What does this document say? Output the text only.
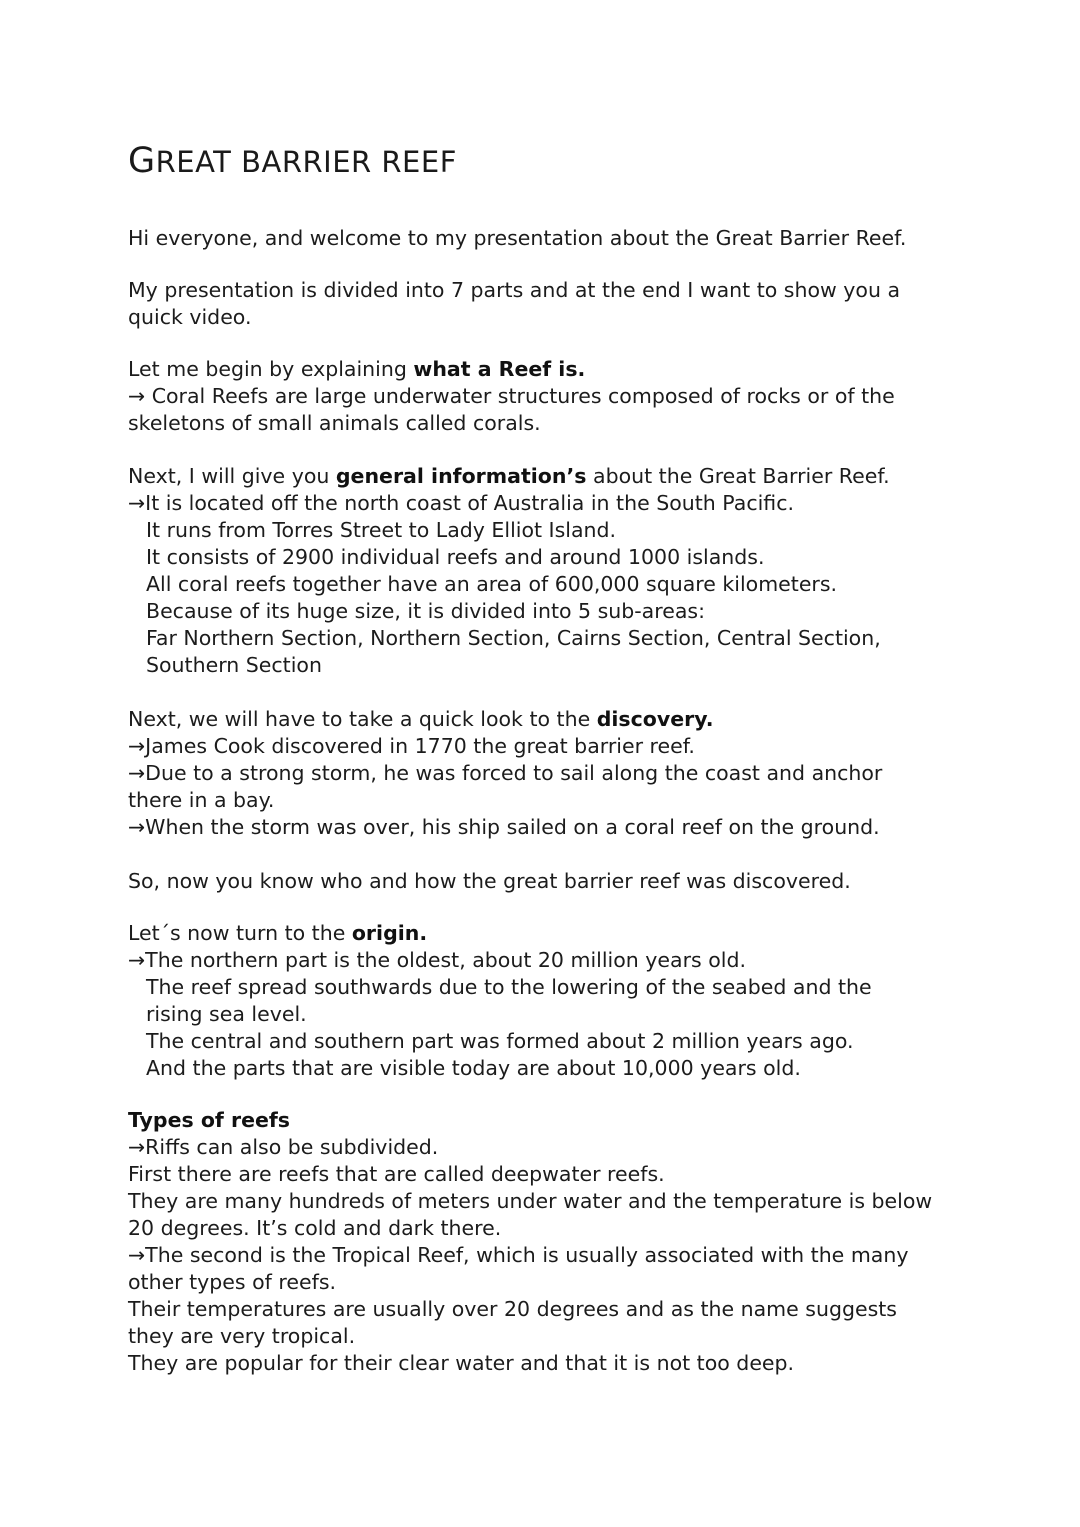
GREAT BARRIER REEF

Hi everyone, and welcome to my presentation about the Great Barrier Reef.

My presentation is divided into 7 parts and at the end I want to show you a
quick video.

Let me begin by explaining what a Reef is.
→ Coral Reefs are large underwater structures composed of rocks or of the
skeletons of small animals called corals.

Next, I will give you general information’s about the Great Barrier Reef.
→It is located off the north coast of Australia in the South Pacific.
It runs from Torres Street to Lady Elliot Island.
It consists of 2900 individual reefs and around 1000 islands.
All coral reefs together have an area of 600,000 square kilometers.
Because of its huge size, it is divided into 5 sub-areas:
Far Northern Section, Northern Section, Cairns Section, Central Section,
Southern Section

Next, we will have to take a quick look to the discovery.
→James Cook discovered in 1770 the great barrier reef.
→Due to a strong storm, he was forced to sail along the coast and anchor
there in a bay.
→When the storm was over, his ship sailed on a coral reef on the ground.

So, now you know who and how the great barrier reef was discovered.

Let´s now turn to the origin.
→The northern part is the oldest, about 20 million years old.
The reef spread southwards due to the lowering of the seabed and the
rising sea level.
The central and southern part was formed about 2 million years ago.
And the parts that are visible today are about 10,000 years old.

Types of reefs
→Riffs can also be subdivided.
First there are reefs that are called deepwater reefs.
They are many hundreds of meters under water and the temperature is below
20 degrees. It’s cold and dark there.
→The second is the Tropical Reef, which is usually associated with the many
other types of reefs.
Their temperatures are usually over 20 degrees and as the name suggests
they are very tropical.
They are popular for their clear water and that it is not too deep.
